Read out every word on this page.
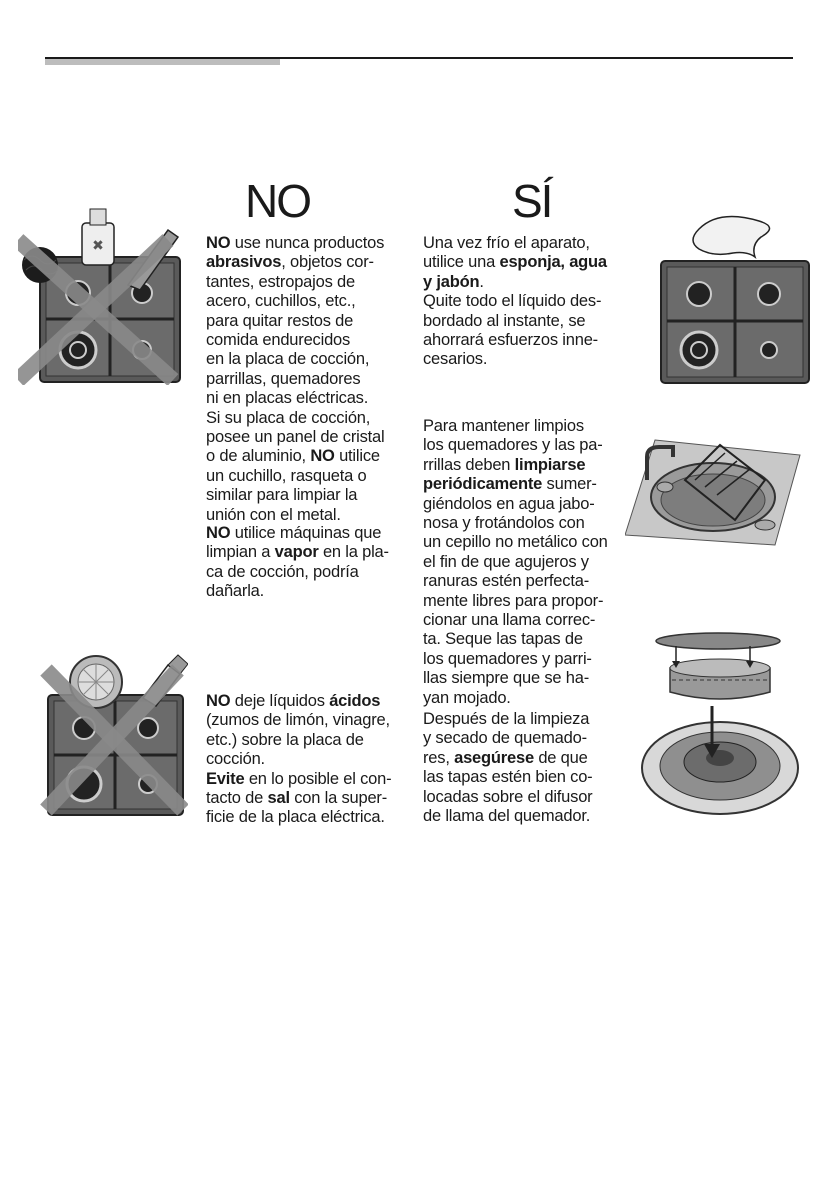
NO	SÍ

NO use nunca productos
abrasivos, objetos cor-
tantes, estropajos de
acero, cuchillos, etc.,
para quitar restos de
comida endurecidos
en la placa de cocción,
parrillas, quemadores
ni en placas eléctricas.
Si su placa de cocción,
posee un panel de cristal
o de aluminio, NO utilice
un cuchillo, rasqueta o
similar para limpiar la
unión con el metal.

NO utilice máquinas que
limpian a vapor en la pla-
ca de cocción, podría
dañarla.

NO deje líquidos ácidos
(zumos de limón, vinagre,
etc.) sobre la placa de
cocción.
Evite en lo posible el con-
tacto de sal con la super-
ficie de la placa eléctrica.

Una vez frío el aparato,
utilice una esponja, agua
y jabón.
Quite todo el líquido des-
bordado al instante, se
ahorrará esfuerzos inne-
cesarios.

Para mantener limpios
los quemadores y las pa-
rrillas deben limpiarse
periódicamente sumer-
giéndolos en agua jabo-
nosa y frotándolos con
un cepillo no metálico con
el fin de que agujeros y
ranuras estén perfecta-
mente libres para propor-
cionar una llama correc-
ta. Seque las tapas de
los quemadores y parri-
llas siempre que se ha-
yan mojado.

Después de la limpieza
y secado de quemado-
res, asegúrese de que
las tapas estén bien co-
locadas sobre el difusor
de llama del quemador.

✖
